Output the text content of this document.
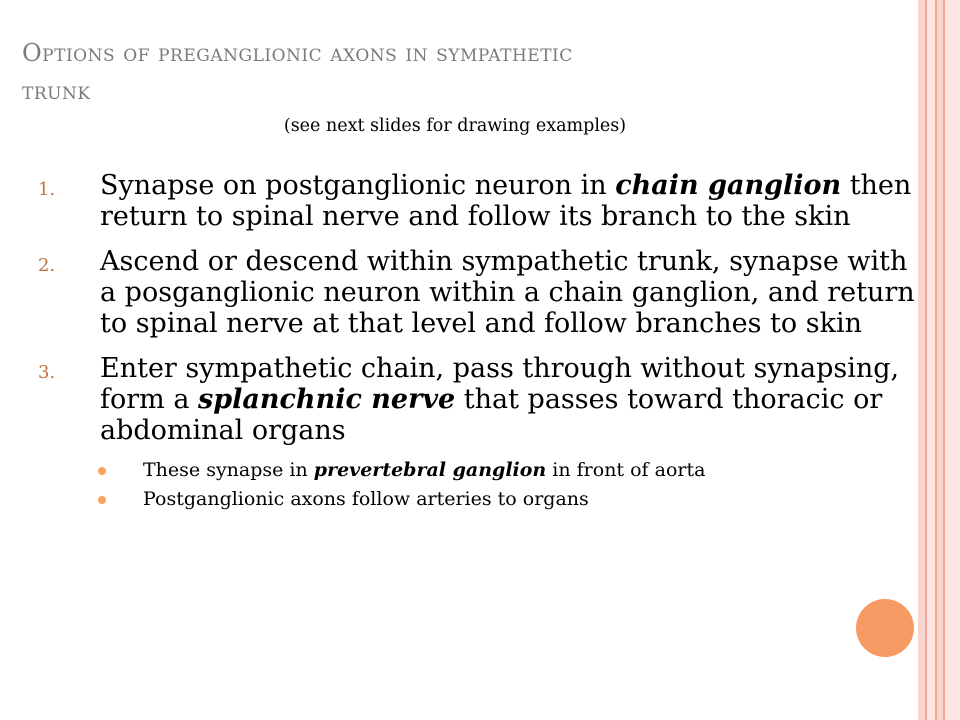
Options of preganglionic axons in sympathetic
trunk
(see next slides for drawing examples)
1. Synapse on postganglionic neuron in chain ganglion then return to spinal nerve and follow its branch to the skin
2. Ascend or descend within sympathetic trunk, synapse with a posganglionic neuron within a chain ganglion, and return to spinal nerve at that level and follow branches to skin
3. Enter sympathetic chain, pass through without synapsing, form a splanchnic nerve that passes toward thoracic or abdominal organs
These synapse in prevertebral ganglion in front of aorta
Postganglionic axons follow arteries to organs
